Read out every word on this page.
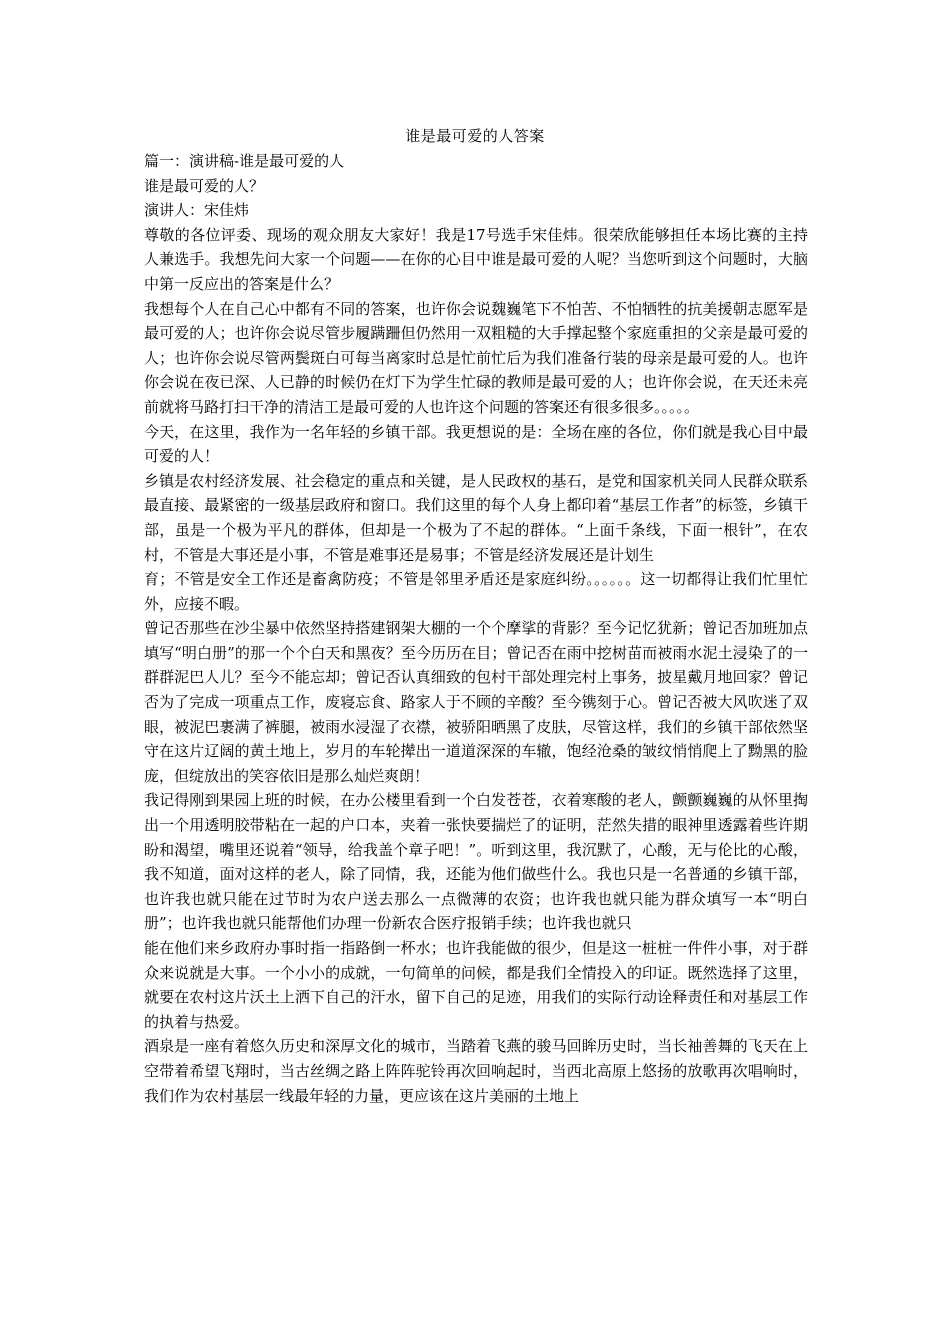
谁是最可爱的人答案

篇一：演讲稿-谁是最可爱的人

谁是最可爱的人？

演讲人：宋佳炜

尊敬的各位评委、现场的观众朋友大家好！我是17号选手宋佳炜。很荣欣能够担任本场比赛的主持人兼选手。我想先问大家一个问题——在你的心目中谁是最可爱的人呢？当您听到这个问题时，大脑中第一反应出的答案是什么？

我想每个人在自己心中都有不同的答案，也许你会说魏巍笔下不怕苦、不怕牺牲的抗美援朝志愿军是最可爱的人；也许你会说尽管步履蹒跚但仍然用一双粗糙的大手撑起整个家庭重担的父亲是最可爱的人；也许你会说尽管两鬓斑白可每当离家时总是忙前忙后为我们准备行装的母亲是最可爱的人。也许你会说在夜已深、人已静的时候仍在灯下为学生忙碌的教师是最可爱的人；也许你会说，在天还未亮前就将马路打扫干净的清洁工是最可爱的人也许这个问题的答案还有很多很多。。。。。

今天，在这里，我作为一名年轻的乡镇干部。我更想说的是：全场在座的各位，你们就是我心目中最可爱的人！

乡镇是农村经济发展、社会稳定的重点和关键，是人民政权的基石，是党和国家机关同人民群众联系最直接、最紧密的一级基层政府和窗口。我们这里的每个人身上都印着“基层工作者”的标签，乡镇干部，虽是一个极为平凡的群体，但却是一个极为了不起的群体。“上面千条线，下面一根针”，在农村，不管是大事还是小事，不管是难事还是易事；不管是经济发展还是计划生

育；不管是安全工作还是畜禽防疫；不管是邻里矛盾还是家庭纠纷。。。。。。这一切都得让我们忙里忙外，应接不暇。

曾记否那些在沙尘暴中依然坚持搭建钢架大棚的一个个摩挲的背影？至今记忆犹新；曾记否加班加点填写“明白册”的那一个个白天和黑夜？至今历历在目；曾记否在雨中挖树苗而被雨水泥土浸染了的一群群泥巴人儿？至今不能忘却；曾记否认真细致的包村干部处理完村上事务，披星戴月地回家？曾记否为了完成一项重点工作，废寝忘食、路家人于不顾的辛酸？至今镌刻于心。曾记否被大风吹迷了双眼，被泥巴裹满了裤腿，被雨水浸湿了衣襟，被骄阳晒黑了皮肤，尽管这样，我们的乡镇干部依然坚守在这片辽阔的黄土地上，岁月的车轮撵出一道道深深的车辙，饱经沧桑的皱纹悄悄爬上了黝黑的脸庞，但绽放出的笑容依旧是那么灿烂爽朗！

我记得刚到果园上班的时候，在办公楼里看到一个白发苍苍，衣着寒酸的老人，颤颤巍巍的从怀里掏出一个用透明胶带粘在一起的户口本，夹着一张快要揣烂了的证明，茫然失措的眼神里透露着些许期盼和渴望，嘴里还说着“领导，给我盖个章子吧！”。听到这里，我沉默了，心酸，无与伦比的心酸，我不知道，面对这样的老人，除了同情，我，还能为他们做些什么。我也只是一名普通的乡镇干部，也许我也就只能在过节时为农户送去那么一点微薄的农资；也许我也就只能为群众填写一本“明白册”；也许我也就只能帮他们办理一份新农合医疗报销手续；也许我也就只

能在他们来乡政府办事时指一指路倒一杯水；也许我能做的很少，但是这一桩桩一件件小事，对于群众来说就是大事。一个小小的成就，一句简单的问候，都是我们全情投入的印证。既然选择了这里，就要在农村这片沃土上洒下自己的汗水，留下自己的足迹，用我们的实际行动诠释责任和对基层工作的执着与热爱。

酒泉是一座有着悠久历史和深厚文化的城市，当踏着飞燕的骏马回眸历史时，当长袖善舞的飞天在上空带着希望飞翔时，当古丝绸之路上阵阵驼铃再次回响起时，当西北高原上悠扬的放歌再次唱响时，我们作为农村基层一线最年轻的力量，更应该在这片美丽的土地上
